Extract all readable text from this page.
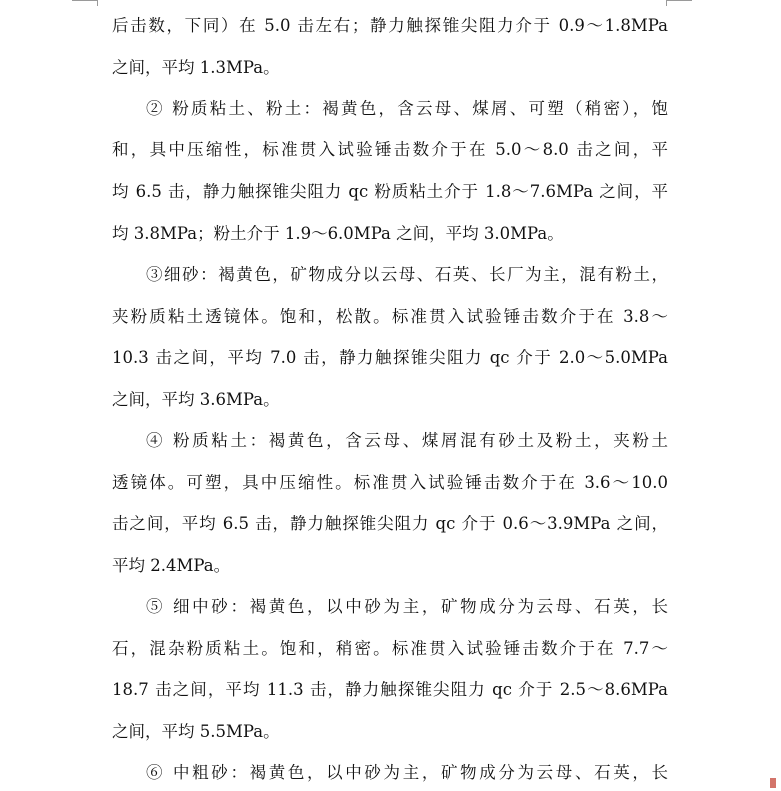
后击数，下同）在 5.0 击左右；静力触探锥尖阻力介于 0.9～1.8MPa
之间，平均 1.3MPa。
② 粉质粘土、粉土：褐黄色，含云母、煤屑、可塑（稍密），饱
和，具中压缩性，标准贯入试验锤击数介于在 5.0～8.0 击之间，平
均 6.5 击，静力触探锥尖阻力 qc 粉质粘土介于 1.8～7.6MPa 之间，平
均 3.8MPa；粉土介于 1.9～6.0MPa 之间，平均 3.0MPa。
③细砂：褐黄色，矿物成分以云母、石英、长厂为主，混有粉土，
夹粉质粘土透镜体。饱和，松散。标准贯入试验锤击数介于在 3.8～
10.3 击之间，平均 7.0 击，静力触探锥尖阻力 qc 介于 2.0～5.0MPa
之间，平均 3.6MPa。
④ 粉质粘土：褐黄色，含云母、煤屑混有砂土及粉土，夹粉土
透镜体。可塑，具中压缩性。标准贯入试验锤击数介于在 3.6～10.0
击之间，平均 6.5 击，静力触探锥尖阻力 qc 介于 0.6～3.9MPa 之间，
平均 2.4MPa。
⑤ 细中砂：褐黄色，以中砂为主，矿物成分为云母、石英，长
石，混杂粉质粘土。饱和，稍密。标准贯入试验锤击数介于在 7.7～
18.7 击之间，平均 11.3 击，静力触探锥尖阻力 qc 介于 2.5～8.6MPa
之间，平均 5.5MPa。
⑥ 中粗砂：褐黄色，以中砂为主，矿物成分为云母、石英，长
